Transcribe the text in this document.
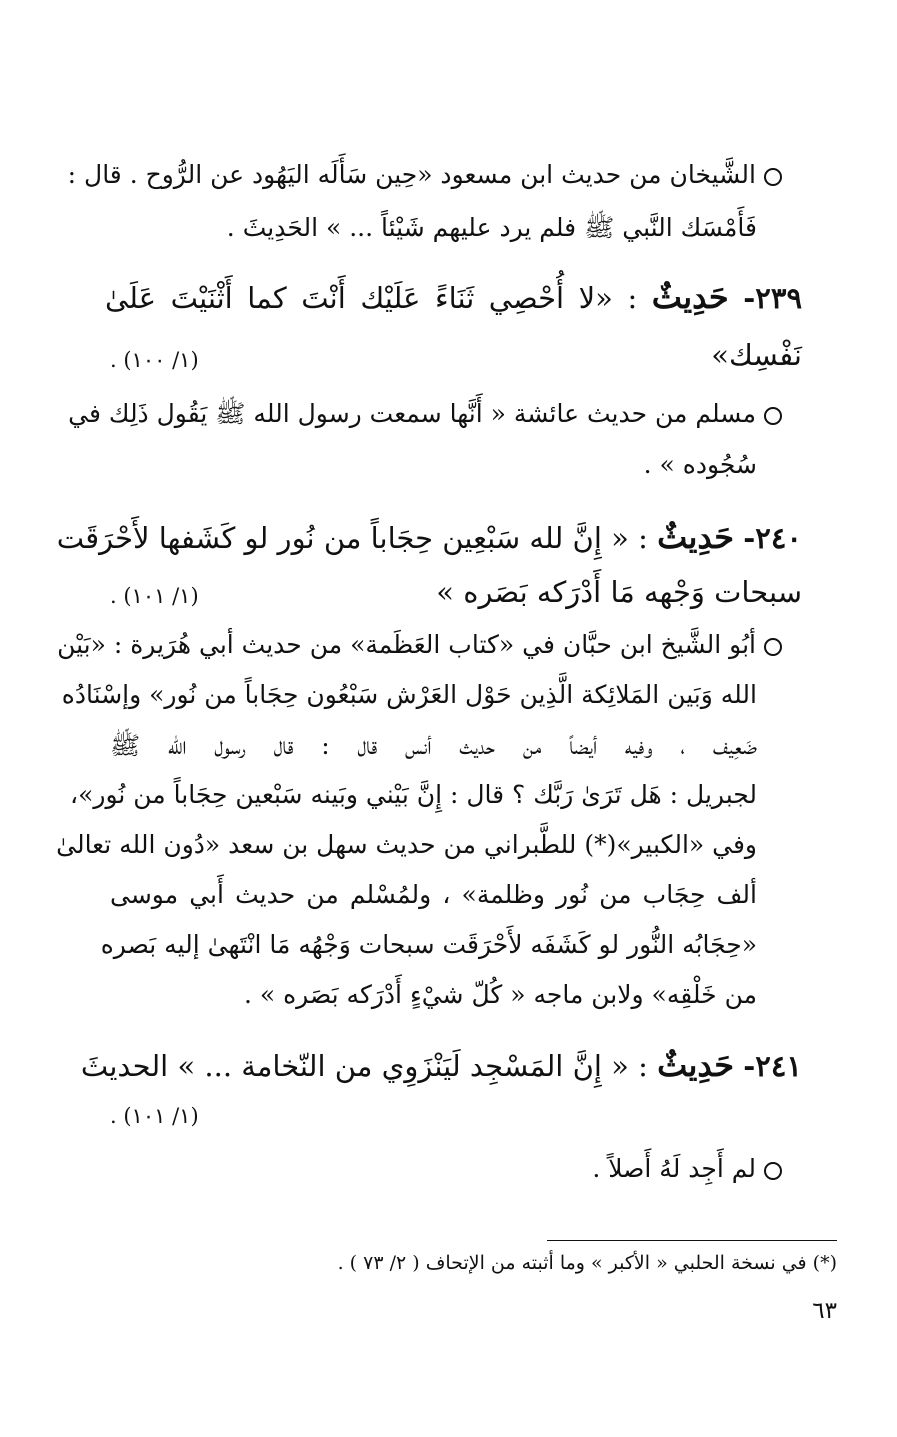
الشَّيخان من حديث ابن مسعود «حِين سَأَلَه اليَهُود عن الرُّوح . قال :
فَأَمْسَك النَّبي ﷺ فلم يرد عليهم شَيْئاً ... » الحَدِيثَ .
٢٣٩- حَدِيثٌ : «لا أُحْصِي ثَنَاءً عَلَيْك أَنْتَ كما أَثْنَيْتَ عَلَىٰ
نَفْسِك»
(١/ ١٠٠) .
مسلم من حديث عائشة « أَنَّها سمعت رسول الله ﷺ يَقُول ذَلِك في
سُجُوده » .
٢٤٠- حَدِيثٌ : « إِنَّ لله سَبْعِين حِجَاباً من نُور لو كَشَفها لأَحْرَقَت
سبحات وَجْهه مَا أَدْرَكه بَصَره »
(١/ ١٠١) .
أبُو الشَّيخ ابن حبَّان في «كتاب العَظَمة» من حديث أبي هُرَيرة : «بَيْن
الله وَبَين المَلائِكة الَّذِين حَوْل العَرْش سَبْعُون حِجَاباً من نُور» وإسْنَادُه
ضَعِيف ، وفيه أيضاً من حديث أنس قال : قال رسول الله ﷺ
لجبريل : هَل تَرَىٰ رَبَّك ؟ قال : إِنَّ بَيْني وبَينه سَبْعين حِجَاباً من نُور»،
وفي «الكبير»(*) للطَّبراني من حديث سهل بن سعد «دُون الله تعالىٰ
ألف حِجَاب من نُور وظلمة» ، ولمُسْلم من حديث أَبي موسى
«حِجَابُه النُّور لو كَشَفَه لأَحْرَقَت سبحات وَجْهُه مَا انْتَهىٰ إليه بَصره
من خَلْقِه» ولابن ماجه « كُلّ شيْءٍ أَدْرَكه بَصَره » .
٢٤١- حَدِيثٌ : « إِنَّ المَسْجِد لَيَنْزَوِي من النّخامة ... » الحديثَ
(١/ ١٠١) .
لم أَجِد لَهُ أَصلاً .
(*) في نسخة الحلبي « الأكبر » وما أثبته من الإتحاف ( ٢/ ٧٣ ) .
٦٣
